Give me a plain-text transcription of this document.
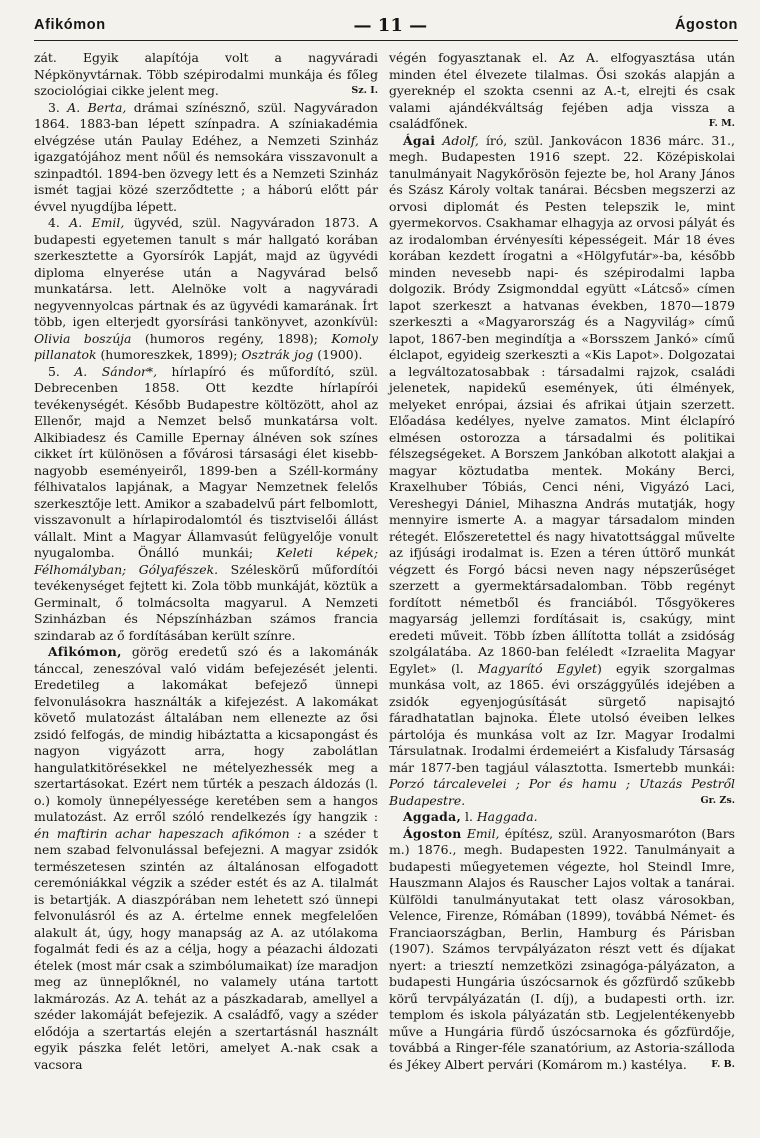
Afikómon	— 11 —	Ágoston

zát. Egyik alapítója volt a nagyváradi Népkönyvtárnak. Több szépirodalmi munkája és főleg szociológiai cikke jelent meg.	Sz. I.

3. A. Berta, drámai színésznő, szül. Nagyváradon 1864. 1883-ban lépett színpadra. A színiakadémia elvégzése után Paulay Edéhez, a Nemzeti Szinház igazgatójához ment nőül és nemsokára visszavonult a szinpadtól. 1894-ben özvegy lett és a Nemzeti Szinház ismét tagjai közé szerződtette ; a háború előtt pár évvel nyugdíjba lépett.

4. A. Emil, ügyvéd, szül. Nagyváradon 1873. A budapesti egyetemen tanult s már hallgató korában szerkesztette a Gyorsírók Lapját, majd az ügyvédi diploma elnyerése után a Nagyvárad belső munkatársa. lett. Alelnöke volt a nagyváradi negyvennyolcas pártnak és az ügyvédi kamarának. Írt több, igen elterjedt gyorsírási tankönyvet, azonkívül: Olivia boszúja (humoros regény, 1898); Komoly pillanatok (humoreszkek, 1899); Osztrák jog (1900).

5. A. Sándor*, hírlapíró és műfordító, szül. Debrecenben 1858. Ott kezdte hírlapírói tevékenységét. Később Budapestre költözött, ahol az Ellenőr, majd a Nemzet belső munkatársa volt. Alkibiadesz és Camille Epernay álnéven sok színes cikket írt különösen a fővárosi társasági élet kisebb-nagyobb eseményeiről, 1899-ben a Széll-kormány félhivatalos lapjának, a Magyar Nemzetnek felelős szerkesztője lett. Amikor a szabadelvű párt felbomlott, visszavonult a hírlapirodalomtól és tisztviselői állást vállalt. Mint a Magyar Államvasút felügyelője vonult nyugalomba. Önálló munkái; Keleti képek; Félhomályban; Gólyafészek. Széleskörű műfordítói tevékenységet fejtett ki. Zola több munkáját, köztük a Germinalt, ő tolmácsolta magyarul. A Nemzeti Szinházban és Népszínházban számos francia szindarab az ő fordításában került színre.

Afikómon, görög eredetű szó és a lakománák tánccal, zeneszóval való vidám befejezését jelenti. Eredetileg a lakomákat befejező ünnepi felvonulásokra használták a kifejezést. A lakomákat követő mulatozást általában nem ellenezte az ősi zsidó felfogás, de mindig hibáztatta a kicsapongást és nagyon vigyázott arra, hogy zabolátlan hangulatkitörésekkel ne mételyezhessék meg a szertartásokat. Ezért nem tűrték a peszach áldozás (l. o.) komoly ünnepélyessége keretében sem a hangos mulatozást. Az erről szóló rendelkezés így hangzik : én maftirin achar hapeszach afikómon : a széder t nem szabad felvonulással befejezni. A magyar zsidók természetesen szintén az általánosan elfogadott ceremóniákkal végzik a széder estét és az A. tilalmát is betartják. A diaszpórában nem lehetett szó ünnepi felvonulásról és az A. értelme ennek megfelelően alakult át, úgy, hogy manapság az A. az utólakoma fogalmát fedi és az a célja, hogy a péazachi áldozati ételek (most már csak a szimbólumaikat) íze maradjon meg az ünneplőknél, no valamely utána tartott lakmározás. Az A. tehát az a pászkadarab, amellyel a széder lakomáját befejezik. A családfő, vagy a széder elődója a szertartás elején a szertartásnál használt egyik pászka felét letöri, amelyet A.-nak csak a vacsora

végén fogyasztanak el. Az A. elfogyasztása után minden étel élvezete tilalmas. Ősi szokás alapján a gyereknép el szokta csenni az A.-t, elrejti és csak valami ajándékváltság fejében adja vissza a családfőnek.	F. M.

Ágai Adolf, író, szül. Jankovácon 1836 márc. 31., megh. Budapesten 1916 szept. 22. Középiskolai tanulmányait Nagykőrösön fejezte be, hol Arany János és Szász Károly voltak tanárai. Bécsben megszerzi az orvosi diplomát és Pesten telepszik le, mint gyermekorvos. Csakhamar elhagyja az orvosi pályát és az irodalomban érvényesíti képességeit. Már 18 éves korában kezdett írogatni a «Hölgyfutár»-ba, később minden nevesebb napi- és szépirodalmi lapba dolgozik. Bródy Zsigmonddal együtt «Látcső» címen lapot szerkeszt a hatvanas években, 1870—1879 szerkeszti a «Magyarország és a Nagyvilág» című lapot, 1867-ben megindítja a «Borsszem Jankó» című élclapot, egyideig szerkeszti a «Kis Lapot». Dolgozatai a legváltozatosabbak : társadalmi rajzok, családi jelenetek, napidekű események, úti élmények, melyeket enrópai, ázsiai és afrikai útjain szerzett. Előadása kedélyes, nyelve zamatos. Mint élclapíró elmésen ostorozza a társadalmi és politikai félszegségeket. A Borszem Jankóban alkotott alakjai a magyar köztudatba mentek. Mokány Berci, Kraxelhuber Tóbiás, Cenci néni, Vigyázó Laci, Vereshegyi Dániel, Mihaszna András mutatják, hogy mennyire ismerte A. a magyar társadalom minden rétegét. Előszeretettel és nagy hivatottsággal művelte az ifjúsági irodalmat is. Ezen a téren úttörő munkát végzett és Forgó bácsi neven nagy népszerűséget szerzett a gyermektársadalomban. Több regényt fordított németből és franciából. Tősgyökeres magyarság jellemzi fordításait is, csakúgy, mint eredeti műveit. Több ízben állította tollát a zsidóság szolgálatába. Az 1860-ban feléledt «Izraelita Magyar Egylet» (l. Magyarító Egylet) egyik szorgalmas munkása volt, az 1865. évi országgyűlés idejében a zsidók egyenjogúsítását sürgető napisajtó fáradhatatlan bajnoka. Élete utolsó éveiben lelkes pártolója és munkása volt az Izr. Magyar Irodalmi Társulatnak. Irodalmi érdemeiért a Kisfaludy Társaság már 1877-ben tagjául választotta. Ismertebb munkái: Porzó tárcalevelei ; Por és hamu ; Utazás Pestről Budapestre.	Gr. Zs.

Aggada, l. Haggada.

Ágoston Emil, építész, szül. Aranyosmaróton (Bars m.) 1876., megh. Budapesten 1922. Tanulmányait a budapesti műegyetemen végezte, hol Steindl Imre, Hauszmann Alajos és Rauscher Lajos voltak a tanárai. Külföldi tanulmányutakat tett olasz városokban, Velence, Firenze, Rómában (1899), továbbá Német- és Franciaországban, Berlin, Hamburg és Párisban (1907). Számos tervpályázaton részt vett és díjakat nyert: a triesztí nemzetközi zsinagóga-pályázaton, a budapesti Hungária úszócsarnok és gőzfürdő szűkebb körű tervpályázatán (I. díj), a budapesti orth. izr. templom és iskola pályázatán stb. Legjelentékenyebb műve a Hungária fürdő úszócsarnoka és gőzfürdője, továbbá a Ringer-féle szanatórium, az Astoria-szálloda és Jékey Albert pervári (Komárom m.) kastélya.	F. B.
